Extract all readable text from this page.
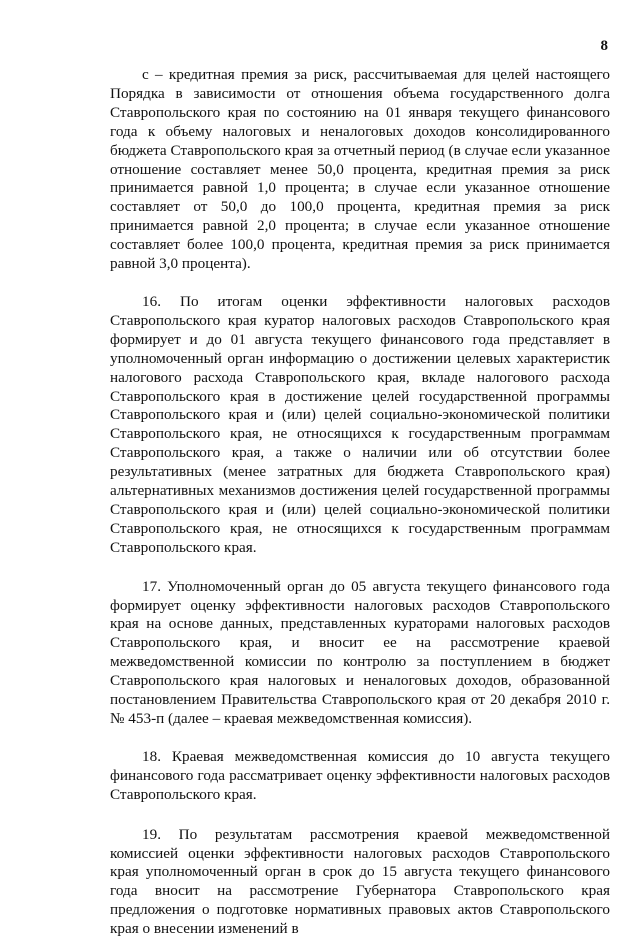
8

с – кредитная премия за риск, рассчитываемая для целей настоящего Порядка в зависимости от отношения объема государственного долга Ставропольского края по состоянию на 01 января текущего финансового года к объему налоговых и неналоговых доходов консолидированного бюджета Ставропольского края за отчетный период (в случае если указанное отношение составляет менее 50,0 процента, кредитная премия за риск принимается равной 1,0 процента; в случае если указанное отношение составляет от 50,0 до 100,0 процента, кредитная премия за риск принимается равной 2,0 процента; в случае если указанное отношение составляет более 100,0 процента, кредитная премия за риск принимается равной 3,0 процента).

16. По итогам оценки эффективности налоговых расходов Ставропольского края куратор налоговых расходов Ставропольского края формирует и до 01 августа текущего финансового года представляет в уполномоченный орган информацию о достижении целевых характеристик налогового расхода Ставропольского края, вкладе налогового расхода Ставропольского края в достижение целей государственной программы Ставропольского края и (или) целей социально-экономической политики Ставропольского края, не относящихся к государственным программам Ставропольского края, а также о наличии или об отсутствии более результативных (менее затратных для бюджета Ставропольского края) альтернативных механизмов достижения целей государственной программы Ставропольского края и (или) целей социально-экономической политики Ставропольского края, не относящихся к государственным программам Ставропольского края.

17. Уполномоченный орган до 05 августа текущего финансового года формирует оценку эффективности налоговых расходов Ставропольского края на основе данных, представленных кураторами налоговых расходов Ставропольского края, и вносит ее на рассмотрение краевой межведомственной комиссии по контролю за поступлением в бюджет Ставропольского края налоговых и неналоговых доходов, образованной постановлением Правительства Ставропольского края от 20 декабря 2010 г. № 453-п (далее – краевая межведомственная комиссия).

18. Краевая межведомственная комиссия до 10 августа текущего финансового года рассматривает оценку эффективности налоговых расходов Ставропольского края.

19. По результатам рассмотрения краевой межведомственной комиссией оценки эффективности налоговых расходов Ставропольского края уполномоченный орган в срок до 15 августа текущего финансового года вносит на рассмотрение Губернатора Ставропольского края предложения о подготовке нормативных правовых актов Ставропольского края о внесении изменений в
